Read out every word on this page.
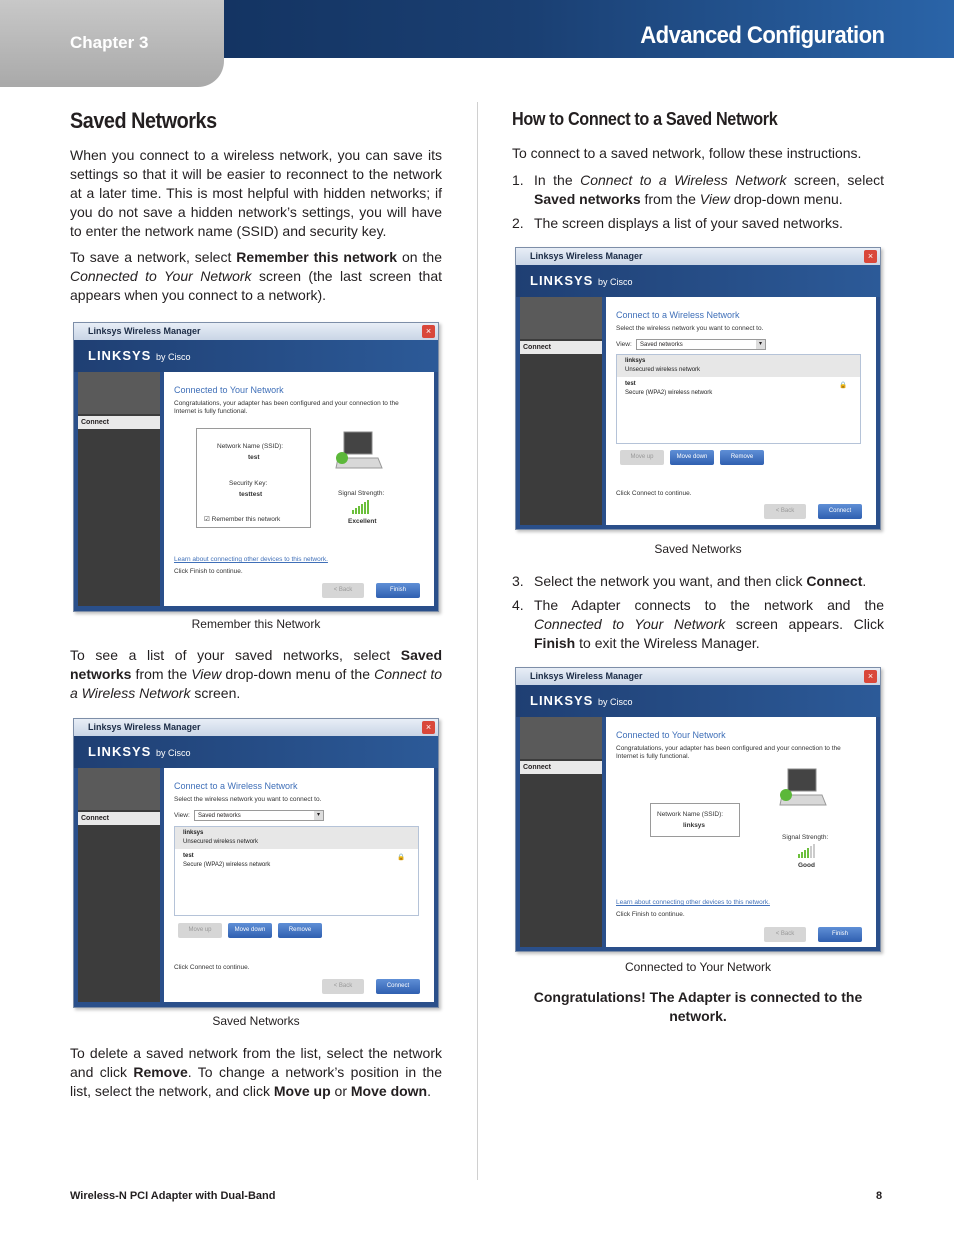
Chapter 3	Advanced Configuration
Saved Networks

When you connect to a wireless network, you can save its settings so that it will be easier to reconnect to the network at a later time. This is most helpful with hidden networks; if you do not save a hidden network’s settings, you will have to enter the network name (SSID) and security key.

To save a network, select Remember this network on the Connected to Your Network screen (the last screen that appears when you connect to a network).

Linksys Wireless Manager	×
LINKSYS by Cisco
Connect
Connected to Your Network
Congratulations, your adapter has been configured and your connection to the Internet is fully functional.
Network Name (SSID):
test
Security Key:
testtest
☑ Remember this network
Signal Strength:
Excellent
Learn about connecting other devices to this network.
Click Finish to continue.
< Back	Finish
Remember this Network

To see a list of your saved networks, select Saved networks from the View drop-down menu of the Connect to a Wireless Network screen.

Linksys Wireless Manager	×
LINKSYS by Cisco
Connect
Connect to a Wireless Network
Select the wireless network you want to connect to.
View:	Saved networks ▾
linksys
Unsecured wireless network
test
Secure (WPA2) wireless network
🔒
Move up	Move down	Remove
Click Connect to continue.
< Back	Connect
Saved Networks

To delete a saved network from the list, select the network and click Remove. To change a network’s position in the list, select the network, and click Move up or Move down.

How to Connect to a Saved Network

To connect to a saved network, follow these instructions.

1. In the Connect to a Wireless Network screen, select Saved networks from the View drop-down menu.
2. The screen displays a list of your saved networks.
Linksys Wireless Manager	×
LINKSYS by Cisco
Connect
Connect to a Wireless Network
Select the wireless network you want to connect to.
View:	Saved networks ▾
linksys
Unsecured wireless network
test
Secure (WPA2) wireless network
🔒
Move up	Move down	Remove
Click Connect to continue.
< Back	Connect
Saved Networks
3. Select the network you want, and then click Connect.
4. The Adapter connects to the network and the Connected to Your Network screen appears. Click Finish to exit the Wireless Manager.
Linksys Wireless Manager	×
LINKSYS by Cisco
Connect
Connected to Your Network
Congratulations, your adapter has been configured and your connection to the Internet is fully functional.
Network Name (SSID):
linksys
Signal Strength:
Good
Learn about connecting other devices to this network.
Click Finish to continue.
< Back	Finish
Connected to Your Network
Congratulations! The Adapter is connected to the network.
Wireless-N PCI Adapter with Dual-Band	8
